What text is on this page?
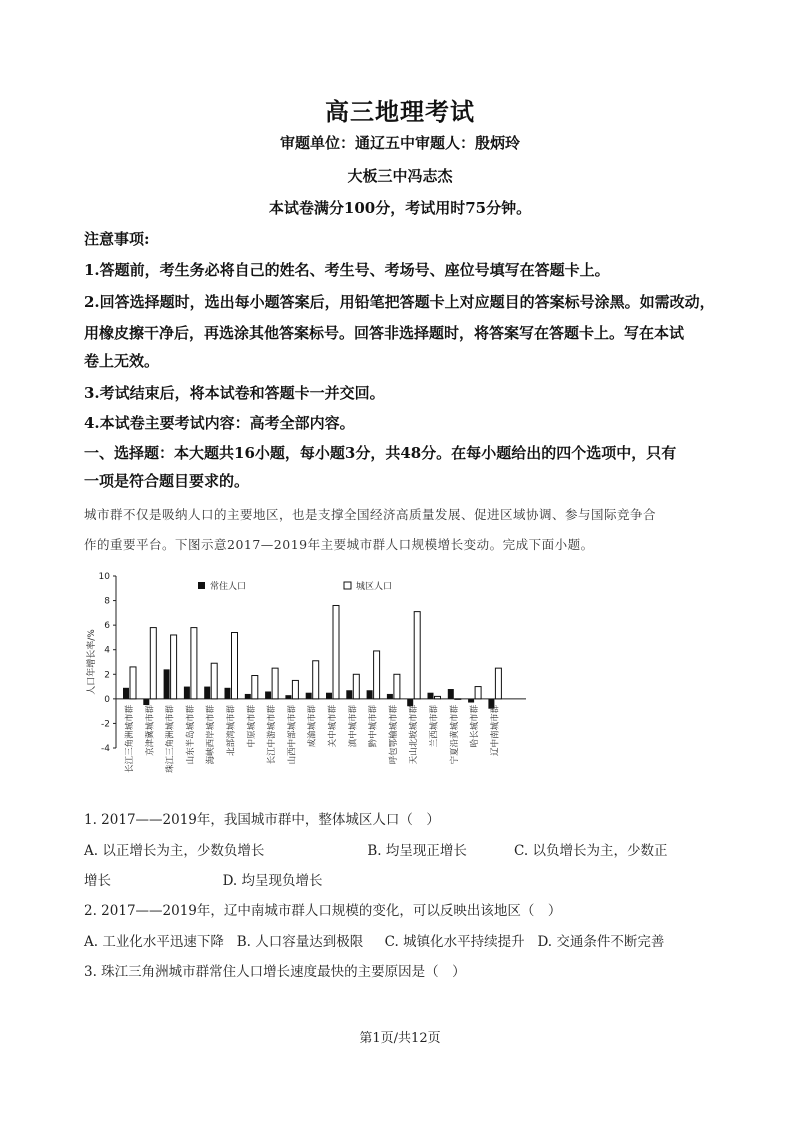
高三地理考试
审题单位：通辽五中审题人：殷炳玲
大板三中冯志杰
本试卷满分100分，考试用时75分钟。
注意事项:
1.答题前，考生务必将自己的姓名、考生号、考场号、座位号填写在答题卡上。
2.回答选择题时，选出每小题答案后，用铅笔把答题卡上对应题目的答案标号涂黑。如需改动，
用橡皮擦干净后，再选涂其他答案标号。回答非选择题时，将答案写在答题卡上。写在本试
卷上无效。
3.考试结束后，将本试卷和答题卡一并交回。
4.本试卷主要考试内容：高考全部内容。
一、选择题：本大题共16小题，每小题3分，共48分。在每小题给出的四个选项中，只有
一项是符合题目要求的。
城市群不仅是吸纳人口的主要地区，也是支撑全国经济高质量发展、促进区域协调、参与国际竞争合
作的重要平台。下图示意2017—2019年主要城市群人口规模增长变动。完成下面小题。
-4
-2
0
2
4
6
8
10
人口年增长率/%
长江三角洲城市群 京津冀城市群 珠江三角洲城市群 山东半岛城市群 海峡西岸城市群 北部湾城市群 中原城市群 长江中游城市群 山西中部城市群 成渝城市群 关中城市群 滇中城市群 黔中城市群 呼包鄂榆城市群 天山北坡城市群 兰西城市群 宁夏沿黄城市群 哈长城市群 辽中南城市群
常住人口	城区人口
1. 2017——2019年，我国城市群中，整体城区人口（　）
A. 以正增长为主，少数负增长                        B. 均呈现正增长           C. 以负增长为主，少数正
增长                          D. 均呈现负增长
2. 2017——2019年，辽中南城市群人口规模的变化，可以反映出该地区（　）
A. 工业化水平迅速下降   B. 人口容量达到极限     C. 城镇化水平持续提升   D. 交通条件不断完善
3. 珠江三角洲城市群常住人口增长速度最快的主要原因是（　）
第1页/共12页
